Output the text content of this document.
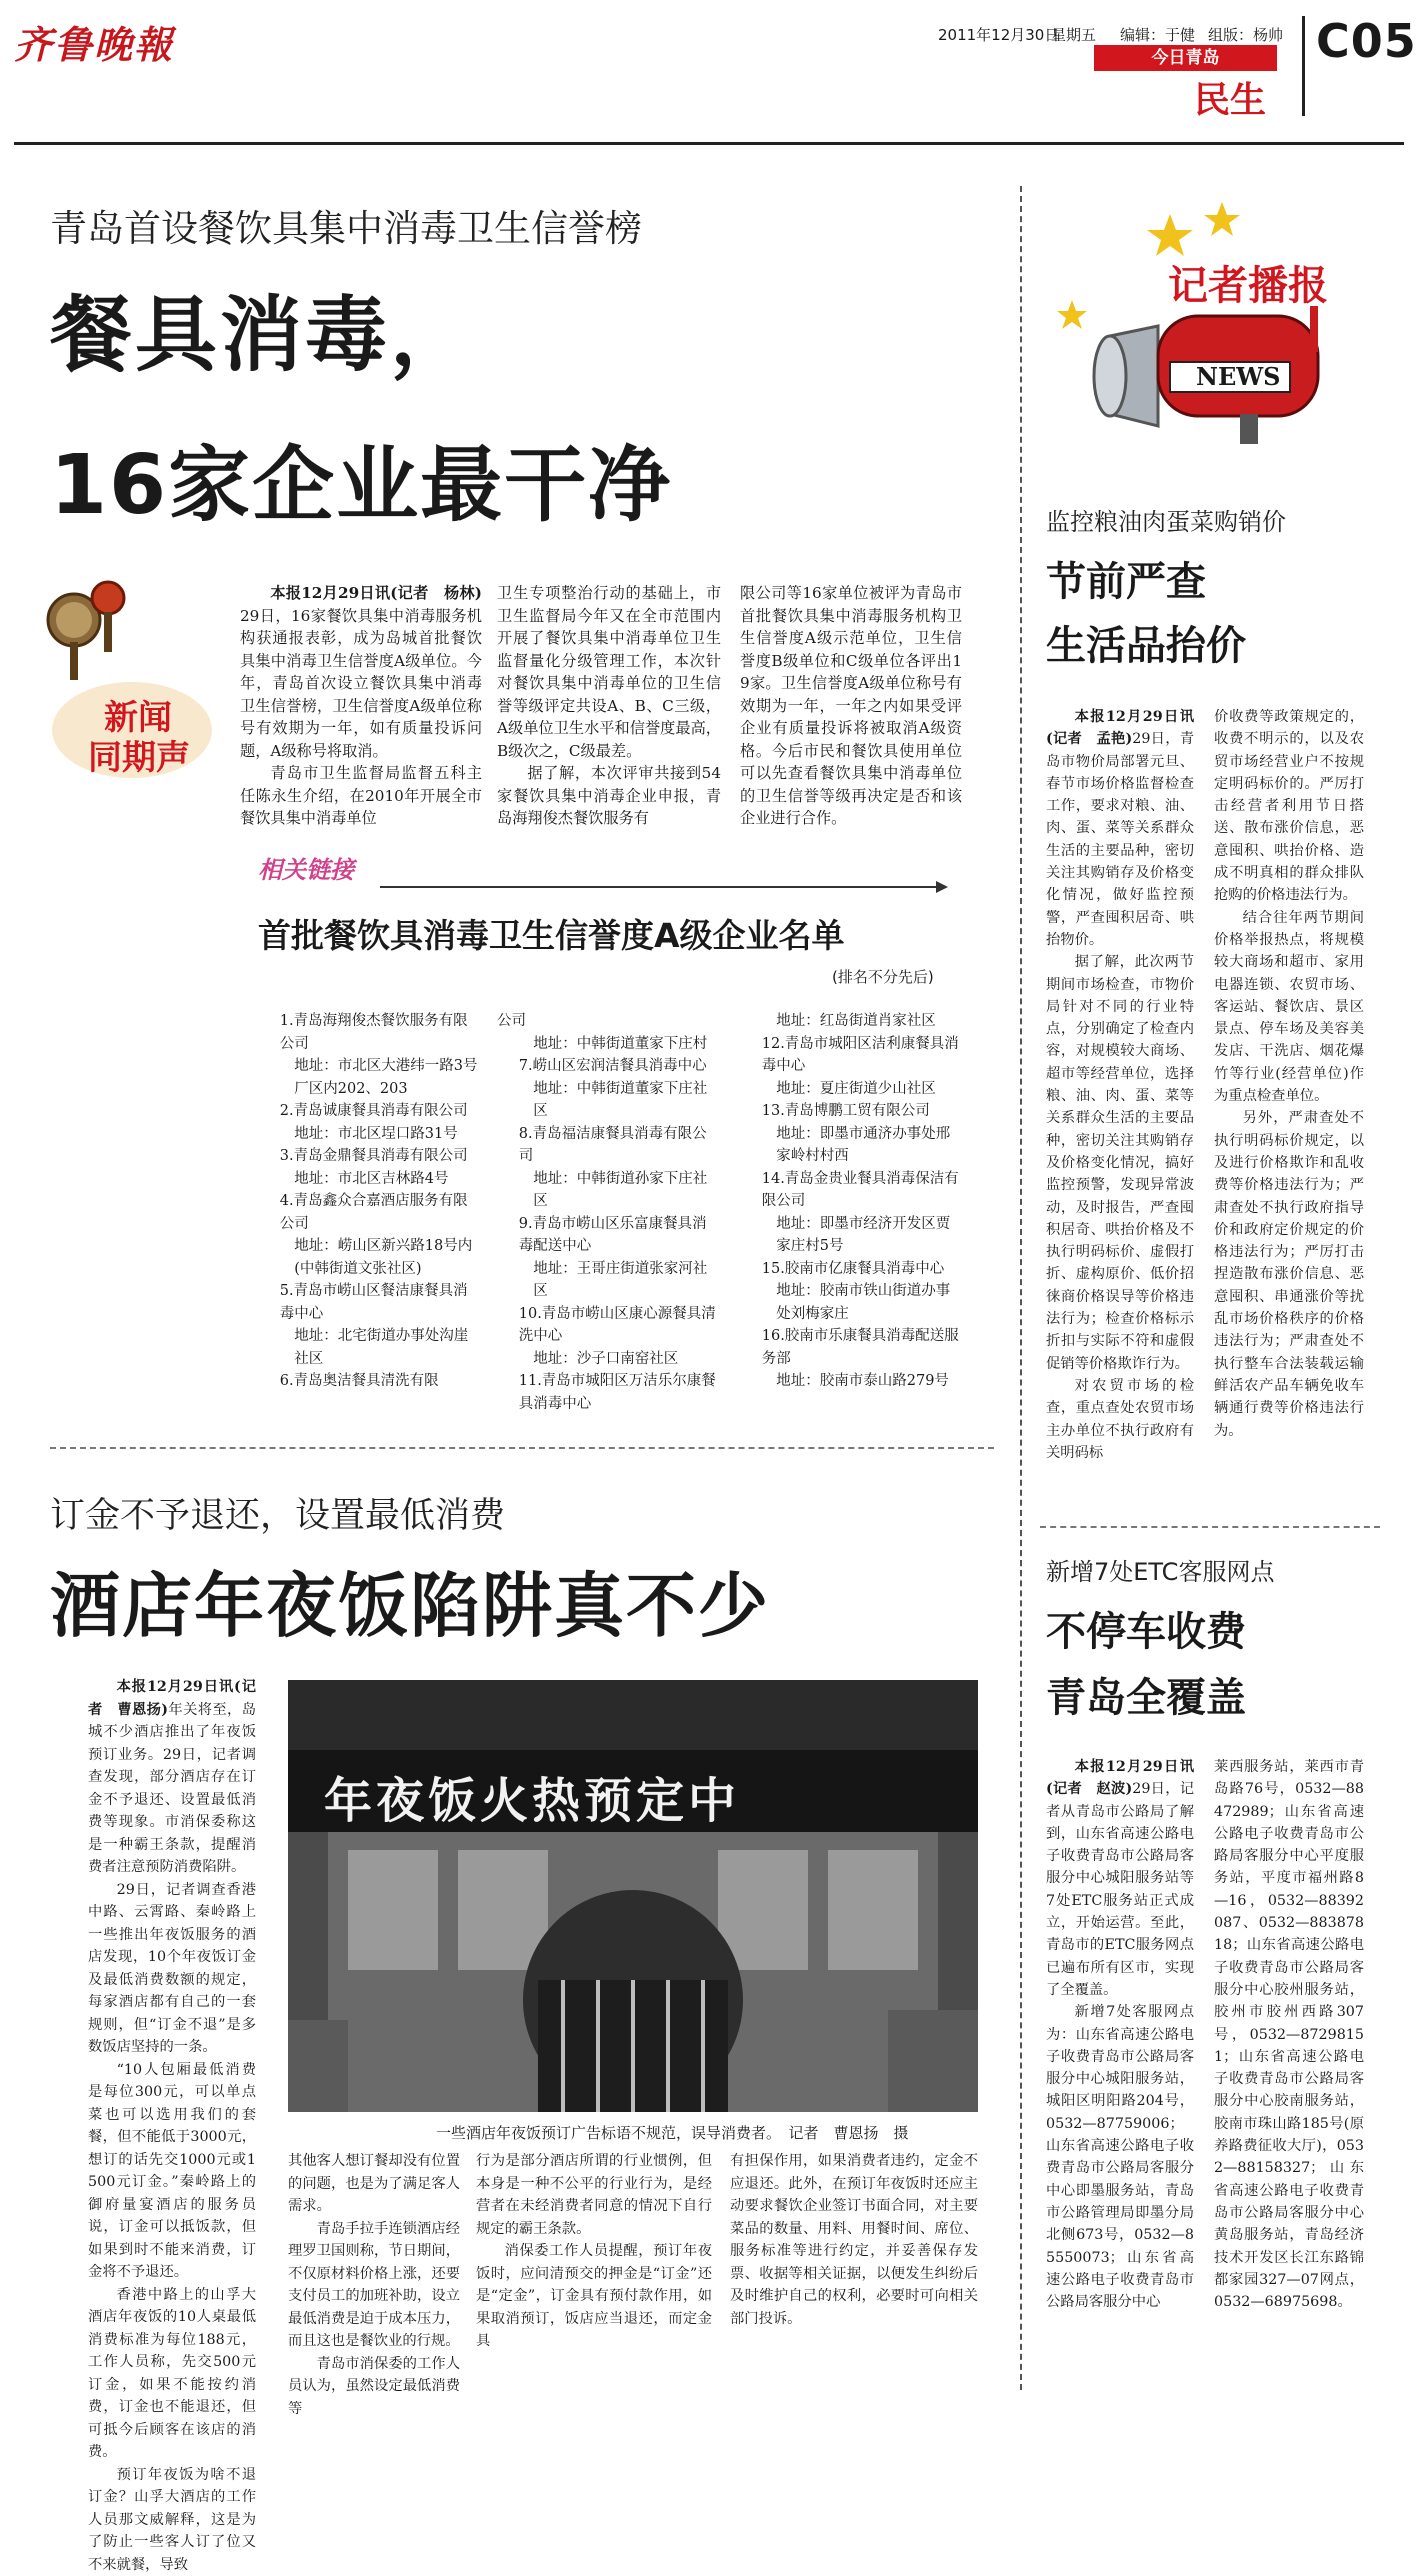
齐鲁晚報	2011年12月30日
星期五 编辑：于健 组版：杨帅
今日青岛
民生
C05
青岛首设餐饮具集中消毒卫生信誉榜
餐具消毒，
16家企业最干净
新闻
同期声

本报12月29日讯(记者　杨林)29日，16家餐饮具集中消毒服务机构获通报表彰，成为岛城首批餐饮具集中消毒卫生信誉度A级单位。今年，青岛首次设立餐饮具集中消毒卫生信誉榜，卫生信誉度A级单位称号有效期为一年，如有质量投诉问题，A级称号将取消。

青岛市卫生监督局监督五科主任陈永生介绍，在2010年开展全市餐饮具集中消毒单位

卫生专项整治行动的基础上，市卫生监督局今年又在全市范围内开展了餐饮具集中消毒单位卫生监督量化分级管理工作，本次针对餐饮具集中消毒单位的卫生信誉等级评定共设A、B、C三级，A级单位卫生水平和信誉度最高，B级次之，C级最差。

据了解，本次评审共接到54家餐饮具集中消毒企业申报，青岛海翔俊杰餐饮服务有

限公司等16家单位被评为青岛市首批餐饮具集中消毒服务机构卫生信誉度A级示范单位，卫生信誉度B级单位和C级单位各评出19家。卫生信誉度A级单位称号有效期为一年，一年之内如果受评企业有质量投诉将被取消A级资格。今后市民和餐饮具使用单位可以先查看餐饮具集中消毒单位的卫生信誉等级再决定是否和该企业进行合作。

相关链接
首批餐饮具消毒卫生信誉度A级企业名单
(排名不分先后)
1.青岛海翔俊杰餐饮服务有限公司
地址：市北区大港纬一路3号厂区内202、203
2.青岛诚康餐具消毒有限公司
地址：市北区埕口路31号
3.青岛金鼎餐具消毒有限公司
地址：市北区吉林路4号
4.青岛鑫众合嘉酒店服务有限公司
地址：崂山区新兴路18号内(中韩街道文张社区)
5.青岛市崂山区餐洁康餐具消毒中心
地址：北宅街道办事处沟崖社区
6.青岛奥洁餐具清洗有限
公司
地址：中韩街道董家下庄村
7.崂山区宏润洁餐具消毒中心
地址：中韩街道董家下庄社区
8.青岛福洁康餐具消毒有限公司
地址：中韩街道孙家下庄社区
9.青岛市崂山区乐富康餐具消毒配送中心
地址：王哥庄街道张家河社区
10.青岛市崂山区康心源餐具清洗中心
地址：沙子口南窑社区
11.青岛市城阳区万洁乐尔康餐具消毒中心
地址：红岛街道肖家社区
12.青岛市城阳区洁利康餐具消毒中心
地址：夏庄街道少山社区
13.青岛博鹏工贸有限公司
地址：即墨市通济办事处邢家岭村村西
14.青岛金贵业餐具消毒保洁有限公司
地址：即墨市经济开发区贾家庄村5号
15.胶南市亿康餐具消毒中心
地址：胶南市铁山街道办事处刘梅家庄
16.胶南市乐康餐具消毒配送服务部
地址：胶南市泰山路279号
记者播报
NEWS
监控粮油肉蛋菜购销价
节前严查
生活品抬价

本报12月29日讯(记者　孟艳)29日，青岛市物价局部署元旦、春节市场价格监督检查工作，要求对粮、油、肉、蛋、菜等关系群众生活的主要品种，密切关注其购销存及价格变化情况，做好监控预警，严查囤积居奇、哄抬物价。

据了解，此次两节期间市场检查，市物价局针对不同的行业特点，分别确定了检查内容，对规模较大商场、超市等经营单位，选择粮、油、肉、蛋、菜等关系群众生活的主要品种，密切关注其购销存及价格变化情况，搞好监控预警，发现异常波动，及时报告，严查囤积居奇、哄抬价格及不执行明码标价、虚假打折、虚构原价、低价招徕商价格误导等价格违法行为；检查价格标示折扣与实际不符和虚假促销等价格欺诈行为。

对农贸市场的检查，重点查处农贸市场主办单位不执行政府有关明码标

价收费等政策规定的，收费不明示的，以及农贸市场经营业户不按规定明码标价的。严厉打击经营者利用节日搭送、散布涨价信息，恶意囤积、哄抬价格、造成不明真相的群众排队抢购的价格违法行为。

结合往年两节期间价格举报热点，将规模较大商场和超市、家用电器连锁、农贸市场、客运站、餐饮店、景区景点、停车场及美容美发店、干洗店、烟花爆竹等行业(经营单位)作为重点检查单位。

另外，严肃查处不执行明码标价规定，以及进行价格欺诈和乱收费等价格违法行为；严肃查处不执行政府指导价和政府定价规定的价格违法行为；严厉打击捏造散布涨价信息、恶意囤积、串通涨价等扰乱市场价格秩序的价格违法行为；严肃查处不执行整车合法装载运输鲜活农产品车辆免收车辆通行费等价格违法行为。

新增7处ETC客服网点
不停车收费
青岛全覆盖

本报12月29日讯(记者　赵波)29日，记者从青岛市公路局了解到，山东省高速公路电子收费青岛市公路局客服分中心城阳服务站等7处ETC服务站正式成立，开始运营。至此，青岛市的ETC服务网点已遍布所有区市，实现了全覆盖。

新增7处客服网点为：山东省高速公路电子收费青岛市公路局客服分中心城阳服务站，城阳区明阳路204号，0532—87759006；山东省高速公路电子收费青岛市公路局客服分中心即墨服务站，青岛市公路管理局即墨分局北侧673号，0532—85550073；山东省高速公路电子收费青岛市公路局客服分中心

莱西服务站，莱西市青岛路76号，0532—88472989；山东省高速公路电子收费青岛市公路局客服分中心平度服务站，平度市福州路8—16，0532—88392087、0532—88387818；山东省高速公路电子收费青岛市公路局客服分中心胶州服务站，胶州市胶州西路307号，0532—87298151；山东省高速公路电子收费青岛市公路局客服分中心胶南服务站，胶南市珠山路185号(原养路费征收大厅)，0532—88158327；山东省高速公路电子收费青岛市公路局客服分中心黄岛服务站，青岛经济技术开发区长江东路锦都家园327—07网点，0532—68975698。

订金不予退还，设置最低消费
酒店年夜饭陷阱真不少

本报12月29日讯(记者　曹恩扬)年关将至，岛城不少酒店推出了年夜饭预订业务。29日，记者调查发现，部分酒店存在订金不予退还、设置最低消费等现象。市消保委称这是一种霸王条款，提醒消费者注意预防消费陷阱。

29日，记者调查香港中路、云霄路、秦岭路上一些推出年夜饭服务的酒店发现，10个年夜饭订金及最低消费数额的规定，每家酒店都有自己的一套规则，但“订金不退”是多数饭店坚持的一条。

“10人包厢最低消费是每位300元，可以单点菜也可以选用我们的套餐，但不能低于3000元，想订的话先交1000元或1500元订金。”秦岭路上的御府量宴酒店的服务员说，订金可以抵饭款，但如果到时不能来消费，订金将不予退还。

香港中路上的山孚大酒店年夜饭的10人桌最低消费标准为每位188元，工作人员称，先交500元订金，如果不能按约消费，订金也不能退还，但可抵今后顾客在该店的消费。

预订年夜饭为啥不退订金？山孚大酒店的工作人员那文威解释，这是为了防止一些客人订了位又不来就餐，导致

年夜饭火热预定中
一些酒店年夜饭预订广告标语不规范，误导消费者。　记者　曹恩扬　摄

其他客人想订餐却没有位置的问题，也是为了满足客人需求。

青岛手拉手连锁酒店经理罗卫国则称，节日期间，不仅原材料价格上涨，还要支付员工的加班补助，设立最低消费是迫于成本压力，而且这也是餐饮业的行规。

青岛市消保委的工作人员认为，虽然设定最低消费等

行为是部分酒店所谓的行业惯例，但本身是一种不公平的行业行为，是经营者在未经消费者同意的情况下自行规定的霸王条款。

消保委工作人员提醒，预订年夜饭时，应问清预交的押金是“订金”还是“定金”，订金具有预付款作用，如果取消预订，饭店应当退还，而定金具

有担保作用，如果消费者违约，定金不应退还。此外，在预订年夜饭时还应主动要求餐饮企业签订书面合同，对主要菜品的数量、用料、用餐时间、席位、服务标准等进行约定，并妥善保存发票、收据等相关证据，以便发生纠纷后及时维护自己的权利，必要时可向相关部门投诉。
